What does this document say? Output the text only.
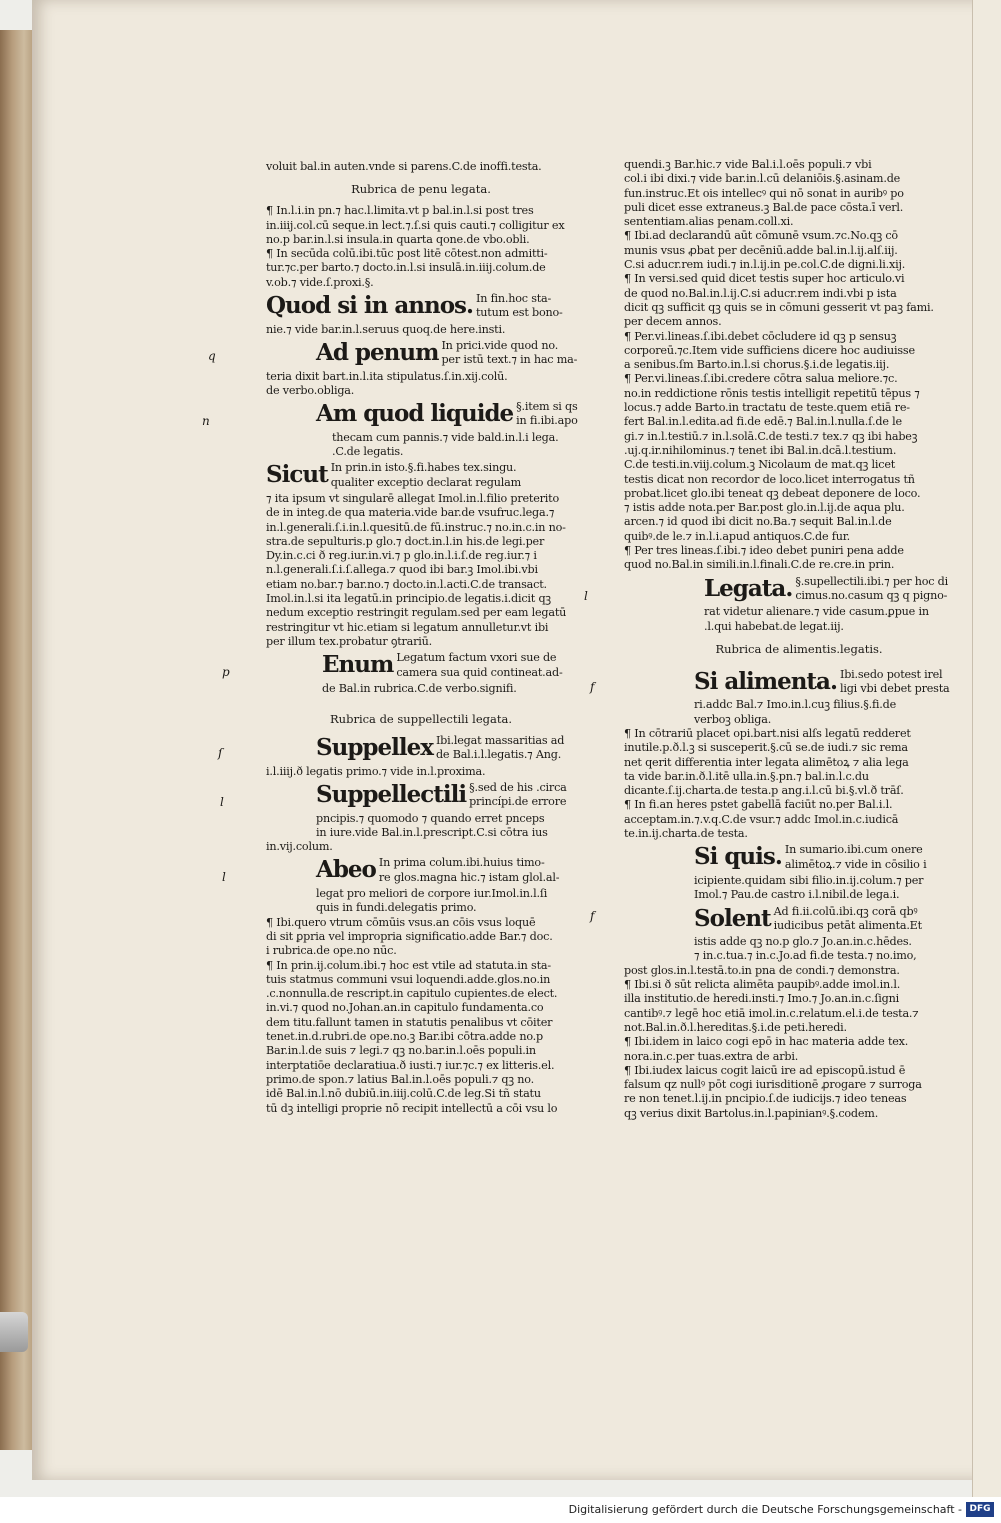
voluit bal.in auten.vnde si parens.C.de inoffi.testa.
Rubrica de penu legata.
¶ In.l.i.in pn.⁊ hac.l.limita.vt p bal.in.l.si post tres
in.iiij.col.cū seque.in lect.⁊.ſ.si quis cauti.⁊ colligitur ex
no.p bar.in.l.si insula.in quarta qone.de vbo.obli.
¶ In secūda colū.ibi.tūc post litē cōtest.non admitti-
tur.⁊c.per barto.⁊ docto.in.l.si insulā.in.iiij.colum.de
v.ob.⁊ vide.ſ.proxi.§.
Quod si in annos. In fin.hoc sta-
tutum est bono-
nie.⁊ vide bar.in.l.seruus quoq.de here.insti.
q	Ad penum In prici.vide quod no.
per istū text.⁊ in hac ma-
teria dixit bart.in.l.ita stipulatus.ſ.in.xij.colū.
de verbo.obliga.
n	Am quod liquide §.item si qs
in fi.ibi.apo
thecam cum pannis.⁊ vide bald.in.l.i lega.
.C.de legatis.
Sicut In prin.in isto.§.fi.habes tex.singu.
qualiter exceptio declarat regulam
⁊ ita ipsum vt singularē allegat Imol.in.l.filio preterito
de in integ.de qua materia.vide bar.de vsufruc.lega.⁊
in.l.generali.ſ.i.in.l.quesitū.de fū.instruc.⁊ no.in.c.in no-
stra.de sepulturis.p glo.⁊ doct.in.l.in his.de legi.per
Dy.in.c.ci ð reg.iur.in.vi.⁊ p glo.in.l.i.ſ.de reg.iur.⁊ i
n.l.generali.ſ.i.ſ.allega.⁊ quod ibi bar.ꝫ Imol.ibi.vbi
etiam no.bar.⁊ bar.no.⁊ docto.in.l.acti.C.de transact.
Imol.in.l.si ita legatū.in principio.de legatis.i.dicit qꝫ
nedum exceptio restringit regulam.sed per eam legatū
restringitur vt hic.etiam si legatum annulletur.vt ibi
per illum tex.probatur ꝯtrariū.
p	Enum Legatum factum vxori sue de
camera sua quid contineat.ad-
de Bal.in rubrica.C.de verbo.signifi.
Rubrica de suppellectili legata.
ſ	Suppellex Ibi.legat massaritias ad
de Bal.i.l.legatis.⁊ Ang.
i.l.iiij.ð legatis primo.⁊ vide in.l.proxima.
l	Suppellectili §.sed de his .circa
princípi.de errore
pncipis.⁊ quomodo ⁊ quando erret pnceps
in iure.vide Bal.in.l.prescript.C.si cōtra ius
in.vij.colum.
l	Abeo In prima colum.ibi.huius timo-
re glos.magna hic.⁊ istam glol.al-
legat pro meliori de corpore iur.Imol.in.l.ſi
quis in fundi.delegatis primo.
¶ Ibi.quero vtrum cōmūis vsus.an cōis vsus loquē
di sit ꝑpria vel impropria significatio.adde Bar.⁊ doc.
i rubrica.de ope.no nūc.
¶ In prin.ij.colum.ibi.⁊ hoc est vtile ad statuta.in sta-
tuis statmus communi vsui loquendi.adde.glos.no.in
.c.nonnulla.de rescript.in capitulo cupientes.de elect.
in.vi.⁊ quod no.Johan.an.in capitulo fundamenta.co
dem titu.fallunt tamen in statutis penalibus vt cōiter
tenet.in.d.rubri.de ope.no.ꝫ Bar.ibi cōtra.adde no.p
Bar.in.l.de suis ⁊ legi.⁊ qꝫ no.bar.in.l.oēs populi.in
interptatiōe declaratiua.ð iusti.⁊ iur.⁊c.⁊ ex litteris.el.
primo.de spon.⁊ latius Bal.in.l.oēs populi.⁊ qꝫ no.
idē Bal.in.l.nō dubiū.in.iiij.colū.C.de leg.Si tñ statu
tū dꝫ intelligi proprie nō recipit intellectū a cōi vsu lo
quendi.ꝫ Bar.hic.⁊ vide Bal.i.l.oēs populi.⁊ vbi
col.i ibi dixi.⁊ vide bar.in.l.cū delaniōis.§.asinam.de
fun.instruc.Et ois intellecꝰ qui nō sonat in auribꝰ po
puli dicet esse extraneus.ꝫ Bal.de pace cōsta.ī verl.
sententiam.alias penam.coll.xi.
¶ Ibi.ad declarandū aūt cōmunē vsum.⁊c.No.qꝫ cō
munis vsus ꝓbat per decēniū.adde bal.in.l.ij.alſ.iij.
C.si aducr.rem iudi.⁊ in.l.ij.in pe.col.C.de digni.li.xij.
¶ In versi.sed quid dicet testis super hoc articulo.vi
de quod no.Bal.in.l.ij.C.si aducr.rem indi.vbi p ista
dicit qꝫ sufficit qꝫ quis se in cōmuni gesserit vt paꝫ fami.
per decem annos.
¶ Per.vi.lineas.ſ.ibi.debet cōcludere id qꝫ p sensuꝫ
corporeū.⁊c.Item vide sufficiens dicere hoc audiuisse
a senibus.ſm Barto.in.l.si chorus.§.i.de legatis.iij.
¶ Per.vi.lineas.ſ.ibi.credere cōtra salua meliore.⁊c.
no.in reddictione rōnis testis intelligit repetitū tēpus ⁊
locus.⁊ adde Barto.in tractatu de teste.quem etiā re-
fert Bal.in.l.edita.ad fi.de edē.⁊ Bal.in.l.nulla.ſ.de le
gi.⁊ in.l.testiū.⁊ in.l.solā.C.de testi.⁊ tex.⁊ qꝫ ibi habeꝫ
.uj.q.ir.nihilominus.⁊ tenet ibi Bal.in.dcā.l.testium.
C.de testi.in.viij.colum.ꝫ Nicolaum de mat.qꝫ licet
testis dicat non recordor de loco.licet interrogatus tñ
probat.licet glo.ibi teneat qꝫ debeat deponere de loco.
⁊ istis adde nota.per Bar.post glo.in.l.ij.de aqua plu.
arcen.⁊ id quod ibi dicit no.Ba.⁊ sequit Bal.in.l.de
quibꝰ.de le.⁊ in.l.i.apud antiquos.C.de fur.
¶ Per tres lineas.ſ.ibi.⁊ ideo debet puniri pena adde
quod no.Bal.in simili.in.l.finali.C.de re.cre.in prin.
l	Legata. §.supellectili.ibi.⁊ per hoc di
cimus.no.casum qꝫ q pigno-
rat videtur alienare.⁊ vide casum.ꝑpue in
.l.qui habebat.de legat.iij.
Rubrica de alimentis.legatis.
f	Si alimenta. Ibi.sedo potest irel
ligi vbi debet presta
ri.addc Bal.⁊ Imo.in.l.cuꝫ filius.§.fi.de
verboꝫ obliga.
¶ In cōtrariū placet opi.bart.nisi alſs legatū redderet
inutile.p.ð.l.ꝫ si susceperit.§.cū se.de iudi.⁊ sic rema
net qerit differentia inter legata alimētoꝝ ⁊ alia lega
ta vide bar.in.ð.l.itē ulla.in.§.pn.⁊ bal.in.l.c.du
dicante.ſ.ij.charta.de testa.p ang.i.l.cū bi.§.vl.ð trāſ.
¶ In fi.an heres pstet gabellā faciūt no.per Bal.i.l.
acceptam.in.⁊.v.q.C.de vsur.⁊ addc Imol.in.c.iudicā
te.in.ij.charta.de testa.
Si quis. In sumario.ibi.cum onere
alimētoꝝ.⁊ vide in cōsilio i
icipiente.quidam sibi filio.in.ij.colum.⁊ per
Imol.⁊ Pau.de castro i.l.nibil.de lega.i.
f	Solent Ad fi.ii.colū.ibi.qꝫ corā qbꝰ
iudicibus petāt alimenta.Et
istis adde qꝫ no.p glo.⁊ Jo.an.in.c.hēdes.
⁊ in.c.tua.⁊ in.c.Jo.ad fi.de testa.⁊ no.imo,
post glos.in.l.testā.to.in pna de condi.⁊ demonstra.
¶ Ibi.si ð sūt relicta alimēta paupibꝰ.adde imol.in.l.
illa institutio.de heredi.insti.⁊ Imo.⁊ Jo.an.in.c.ſigni
cantibꝰ.⁊ legē hoc etiā imol.in.c.relatum.el.i.de testa.⁊
not.Bal.in.ð.l.hereditas.§.i.de peti.heredi.
¶ Ibi.idem in laico cogi epō in hac materia adde tex.
nora.in.c.per tuas.extra de arbi.
¶ Ibi.iudex laicus cogit laicū ire ad episcopū.istud ē
falsum qz nullꝰ pōt cogi iurisditionē ꝓrogare ⁊ surroga
re non tenet.l.ij.in pncipio.ſ.de iudicijs.⁊ ideo teneas
qꝫ verius dixit Bartolus.in.l.papinianꝰ.§.codem.
Digitalisierung gefördert durch die Deutsche Forschungsgemeinschaft - DFG
